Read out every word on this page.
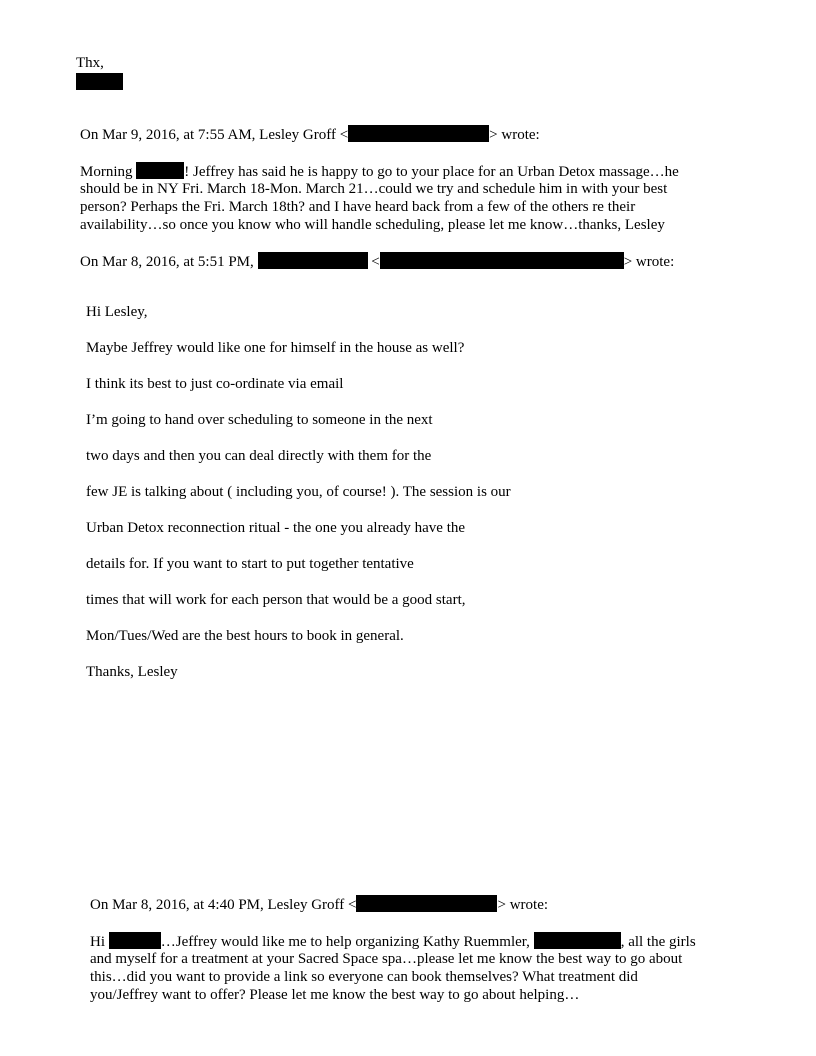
Thx,
On Mar 9, 2016, at 7:55 AM, Lesley Groff <	> wrote:
Morning	! Jeffrey has said he is happy to go to your place for an Urban Detox massage…he
should be in NY Fri. March 18-Mon. March 21…could we try and schedule him in with your best
person? Perhaps the Fri. March 18th? and I have heard back from a few of the others re their
availability…so once you know who will handle scheduling, please let me know…thanks, Lesley
On Mar 8, 2016, at 5:51 PM,	<	> wrote:
Hi Lesley,
Maybe Jeffrey would like one for himself in the house as well?
I think its best to just co-ordinate via email
I’m going to hand over scheduling to someone in the next
two days and then you can deal directly with them for the
few JE is talking about ( including you, of course! ). The session is our
Urban Detox reconnection ritual - the one you already have the
details for. If you want to start to put together tentative
times that will work for each person that would be a good start,
Mon/Tues/Wed are the best hours to book in general.
Thanks, Lesley
On Mar 8, 2016, at 4:40 PM, Lesley Groff <	> wrote:
Hi	…Jeffrey would like me to help organizing Kathy Ruemmler,	, all the girls
and myself for a treatment at your Sacred Space spa…please let me know the best way to go about
this…did you want to provide a link so everyone can book themselves? What treatment did
you/Jeffrey want to offer? Please let me know the best way to go about helping…
